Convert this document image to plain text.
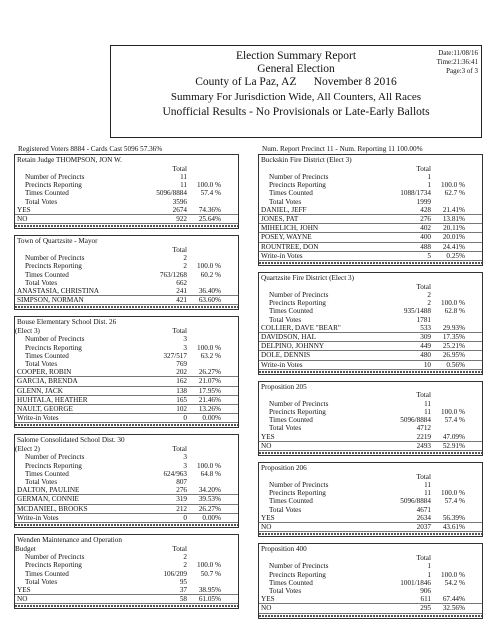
Election Summary Report
General Election
County of La Paz, AZ      November 8 2016
Summary For Jurisdiction Wide, All Counters, All Races
Unofficial Results - No Provisionals or Late-Early Ballots
Date:11/08/16
Time:21:36:41
Page:3 of 3
Registered Voters 8884 - Cards Cast 5096 57.36%	Num. Report Precinct 11 - Num. Reporting 11 100.00%
Retain Judge THOMPSON, JON W.
Total
Number of Precincts	11
Precincts Reporting	11	100.0 %
Times Counted	5096/8884	57.4 %
Total Votes	3596
YES	2674	74.36%
NO	922	25.64%
Town of Quartzsite - Mayor
Total
Number of Precincts	2
Precincts Reporting	2	100.0 %
Times Counted	763/1268	60.2 %
Total Votes	662
ANASTASIA, CHRISTINA	241	36.40%
SIMPSON, NORMAN	421	63.60%
Bouse Elementary School Dist. 26
(Elect 3)	Total
Number of Precincts	3
Precincts Reporting	3	100.0 %
Times Counted	327/517	63.2 %
Total Votes	769
COOPER, ROBIN	202	26.27%
GARCIA, BRENDA	162	21.07%
GLENN, JACK	138	17.95%
HUHTALA, HEATHER	165	21.46%
NAULT, GEORGE	102	13.26%
Write-in Votes	0	0.00%
Salome Consolidated School Dist. 30
(Elect 2)	Total
Number of Precincts	3
Precincts Reporting	3	100.0 %
Times Counted	624/963	64.8 %
Total Votes	807
DALTON, PAULINE	276	34.20%
GERMAN, CONNIE	319	39.53%
MCDANIEL, BROOKS	212	26.27%
Write-in Votes	0	0.00%
Wenden Maintenance and Operation
Budget	Total
Number of Precincts	2
Precincts Reporting	2	100.0 %
Times Counted	106/209	50.7 %
Total Votes	95
YES	37	38.95%
NO	58	61.05%
Buckskin Fire District (Elect 3)
Total
Number of Precincts	1
Precincts Reporting	1	100.0 %
Times Counted	1088/1734	62.7 %
Total Votes	1999
DANIEL, JEFF	428	21.41%
JONES, PAT	276	13.81%
MIHELICH, JOHN	402	20.11%
POSEY, WAYNE	400	20.01%
ROUNTREE, DON	488	24.41%
Write-in Votes	5	0.25%
Quartzsite Fire District (Elect 3)
Total
Number of Precincts	2
Precincts Reporting	2	100.0 %
Times Counted	935/1488	62.8 %
Total Votes	1781
COLLIER, DAVE "BEAR"	533	29.93%
DAVIDSON, HAL	309	17.35%
DELPINO, JOHNNY	449	25.21%
DOLE, DENNIS	480	26.95%
Write-in Votes	10	0.56%
Proposition 205
Total
Number of Precincts	11
Precincts Reporting	11	100.0 %
Times Counted	5096/8884	57.4 %
Total Votes	4712
YES	2219	47.09%
NO	2493	52.91%
Proposition 206
Total
Number of Precincts	11
Precincts Reporting	11	100.0 %
Times Counted	5096/8884	57.4 %
Total Votes	4671
YES	2634	56.39%
NO	2037	43.61%
Proposition 400
Total
Number of Precincts	1
Precincts Reporting	1	100.0 %
Times Counted	1001/1846	54.2 %
Total Votes	906
YES	611	67.44%
NO	295	32.56%
